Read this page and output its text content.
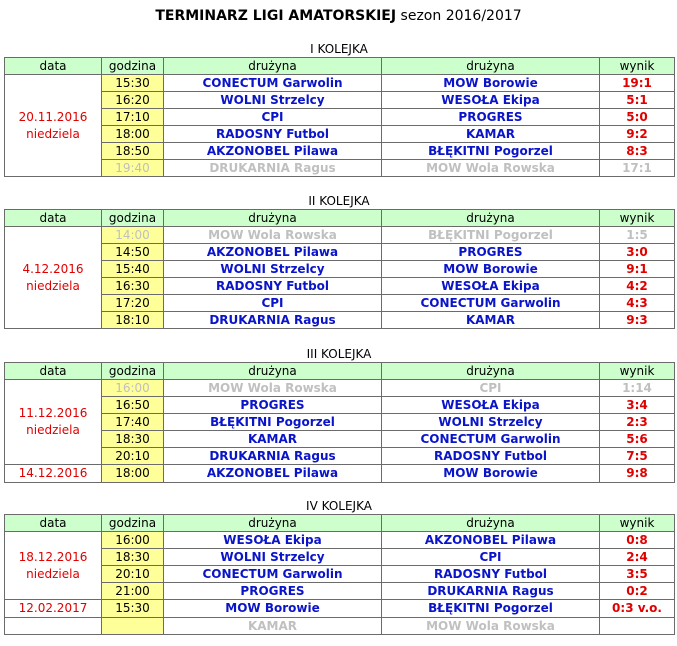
TERMINARZ LIGI AMATORSKIEJ sezon 2016/2017
I KOLEJKA
data	godzina	drużyna	drużyna	wynik

20.11.2016
niedziela	15:30	CONECTUM Garwolin	MOW Borowie	19:1
	16:20	WOLNI Strzelcy	WESOŁA Ekipa	5:1
	17:10	CPI	PROGRES	5:0
	18:00	RADOSNY Futbol	KAMAR	9:2
	18:50	AKZONOBEL Pilawa	BŁĘKITNI Pogorzel	8:3
	19:40	DRUKARNIA Ragus	MOW Wola Rowska	17:1
II KOLEJKA
data	godzina	drużyna	drużyna	wynik

4.12.2016
niedziela	14:00	MOW Wola Rowska	BŁĘKITNI Pogorzel	1:5
	14:50	AKZONOBEL Pilawa	PROGRES	3:0
	15:40	WOLNI Strzelcy	MOW Borowie	9:1
	16:30	RADOSNY Futbol	WESOŁA Ekipa	4:2
	17:20	CPI	CONECTUM Garwolin	4:3
	18:10	DRUKARNIA Ragus	KAMAR	9:3
III KOLEJKA
data	godzina	drużyna	drużyna	wynik

11.12.2016
niedziela	16:00	MOW Wola Rowska	CPI	1:14
	16:50	PROGRES	WESOŁA Ekipa	3:4
	17:40	BŁĘKITNI Pogorzel	WOLNI Strzelcy	2:3
	18:30	KAMAR	CONECTUM Garwolin	5:6
	20:10	DRUKARNIA Ragus	RADOSNY Futbol	7:5

14.12.2016	18:00	AKZONOBEL Pilawa	MOW Borowie	9:8
IV KOLEJKA
data	godzina	drużyna	drużyna	wynik

18.12.2016
niedziela	16:00	WESOŁA Ekipa	AKZONOBEL Pilawa	0:8
	18:30	WOLNI Strzelcy	CPI	2:4
	20:10	CONECTUM Garwolin	RADOSNY Futbol	3:5
	21:00	PROGRES	DRUKARNIA Ragus	0:2

12.02.2017	15:30	MOW Borowie	BŁĘKITNI Pogorzel	0:3 v.o.

		KAMAR	MOW Wola Rowska	
